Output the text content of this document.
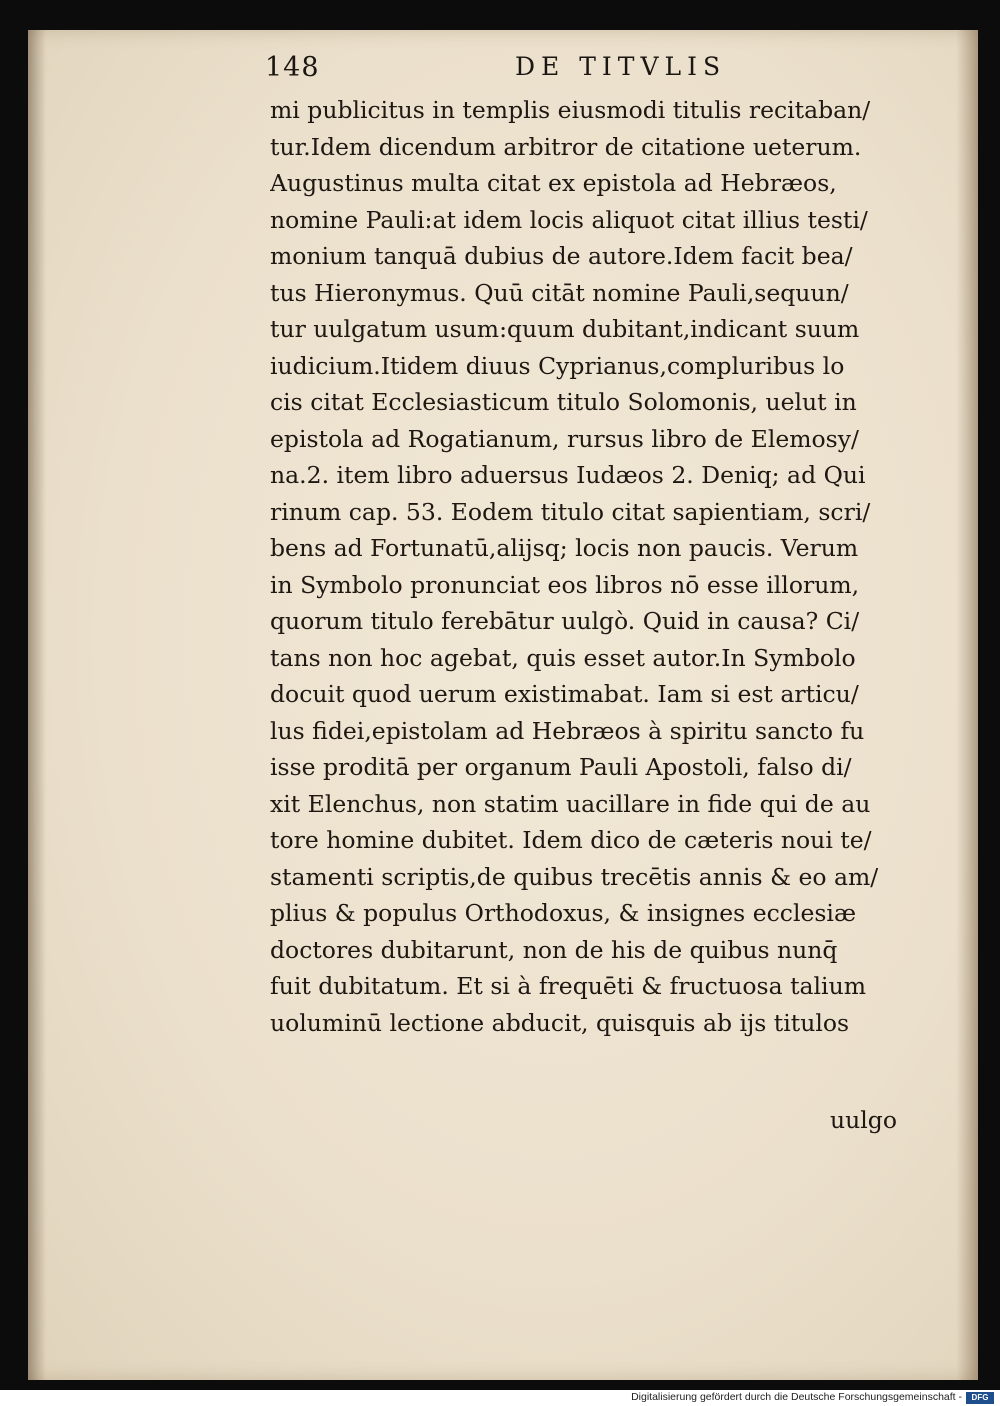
148	DE TITVLIS
mi publicitus in templis eiusmodi titulis recitaban/
tur.Idem dicendum arbitror de citatione ueterum.
Augustinus multa citat ex epistola ad Hebræos,
nomine Pauli:at idem locis aliquot citat illius testi/
monium tanquā dubius de autore.Idem facit bea/
tus Hieronymus. Quū citāt nomine Pauli,sequun/
tur uulgatum usum:quum dubitant,indicant suum
iudicium.Itidem diuus Cyprianus,compluribus lo
cis citat Ecclesiasticum titulo Solomonis, uelut in
epistola ad Rogatianum, rursus libro de Elemosy/
na.2. item libro aduersus Iudæos 2. Deniq; ad Qui
rinum cap. 53. Eodem titulo citat sapientiam, scri/
bens ad Fortunatū,alijsq; locis non paucis. Verum
in Symbolo pronunciat eos libros nō esse illorum,
quorum titulo ferebātur uulgò. Quid in causa? Ci/
tans non hoc agebat, quis esset autor.In Symbolo
docuit quod uerum existimabat. Iam si est articu/
lus fidei,epistolam ad Hebræos à spiritu sancto fu
isse proditā per organum Pauli Apostoli, falso di/
xit Elenchus, non statim uacillare in fide qui de au
tore homine dubitet. Idem dico de cæteris noui te/
stamenti scriptis,de quibus trecētis annis & eo am/
plius & populus Orthodoxus, & insignes ecclesiæ
doctores dubitarunt, non de his de quibus nunq̄
fuit dubitatum. Et si à frequēti & fructuosa talium
uoluminū lectione abducit, quisquis ab ijs titulos
uulgo
Digitalisierung gefördert durch die Deutsche Forschungsgemeinschaft -	DFG
